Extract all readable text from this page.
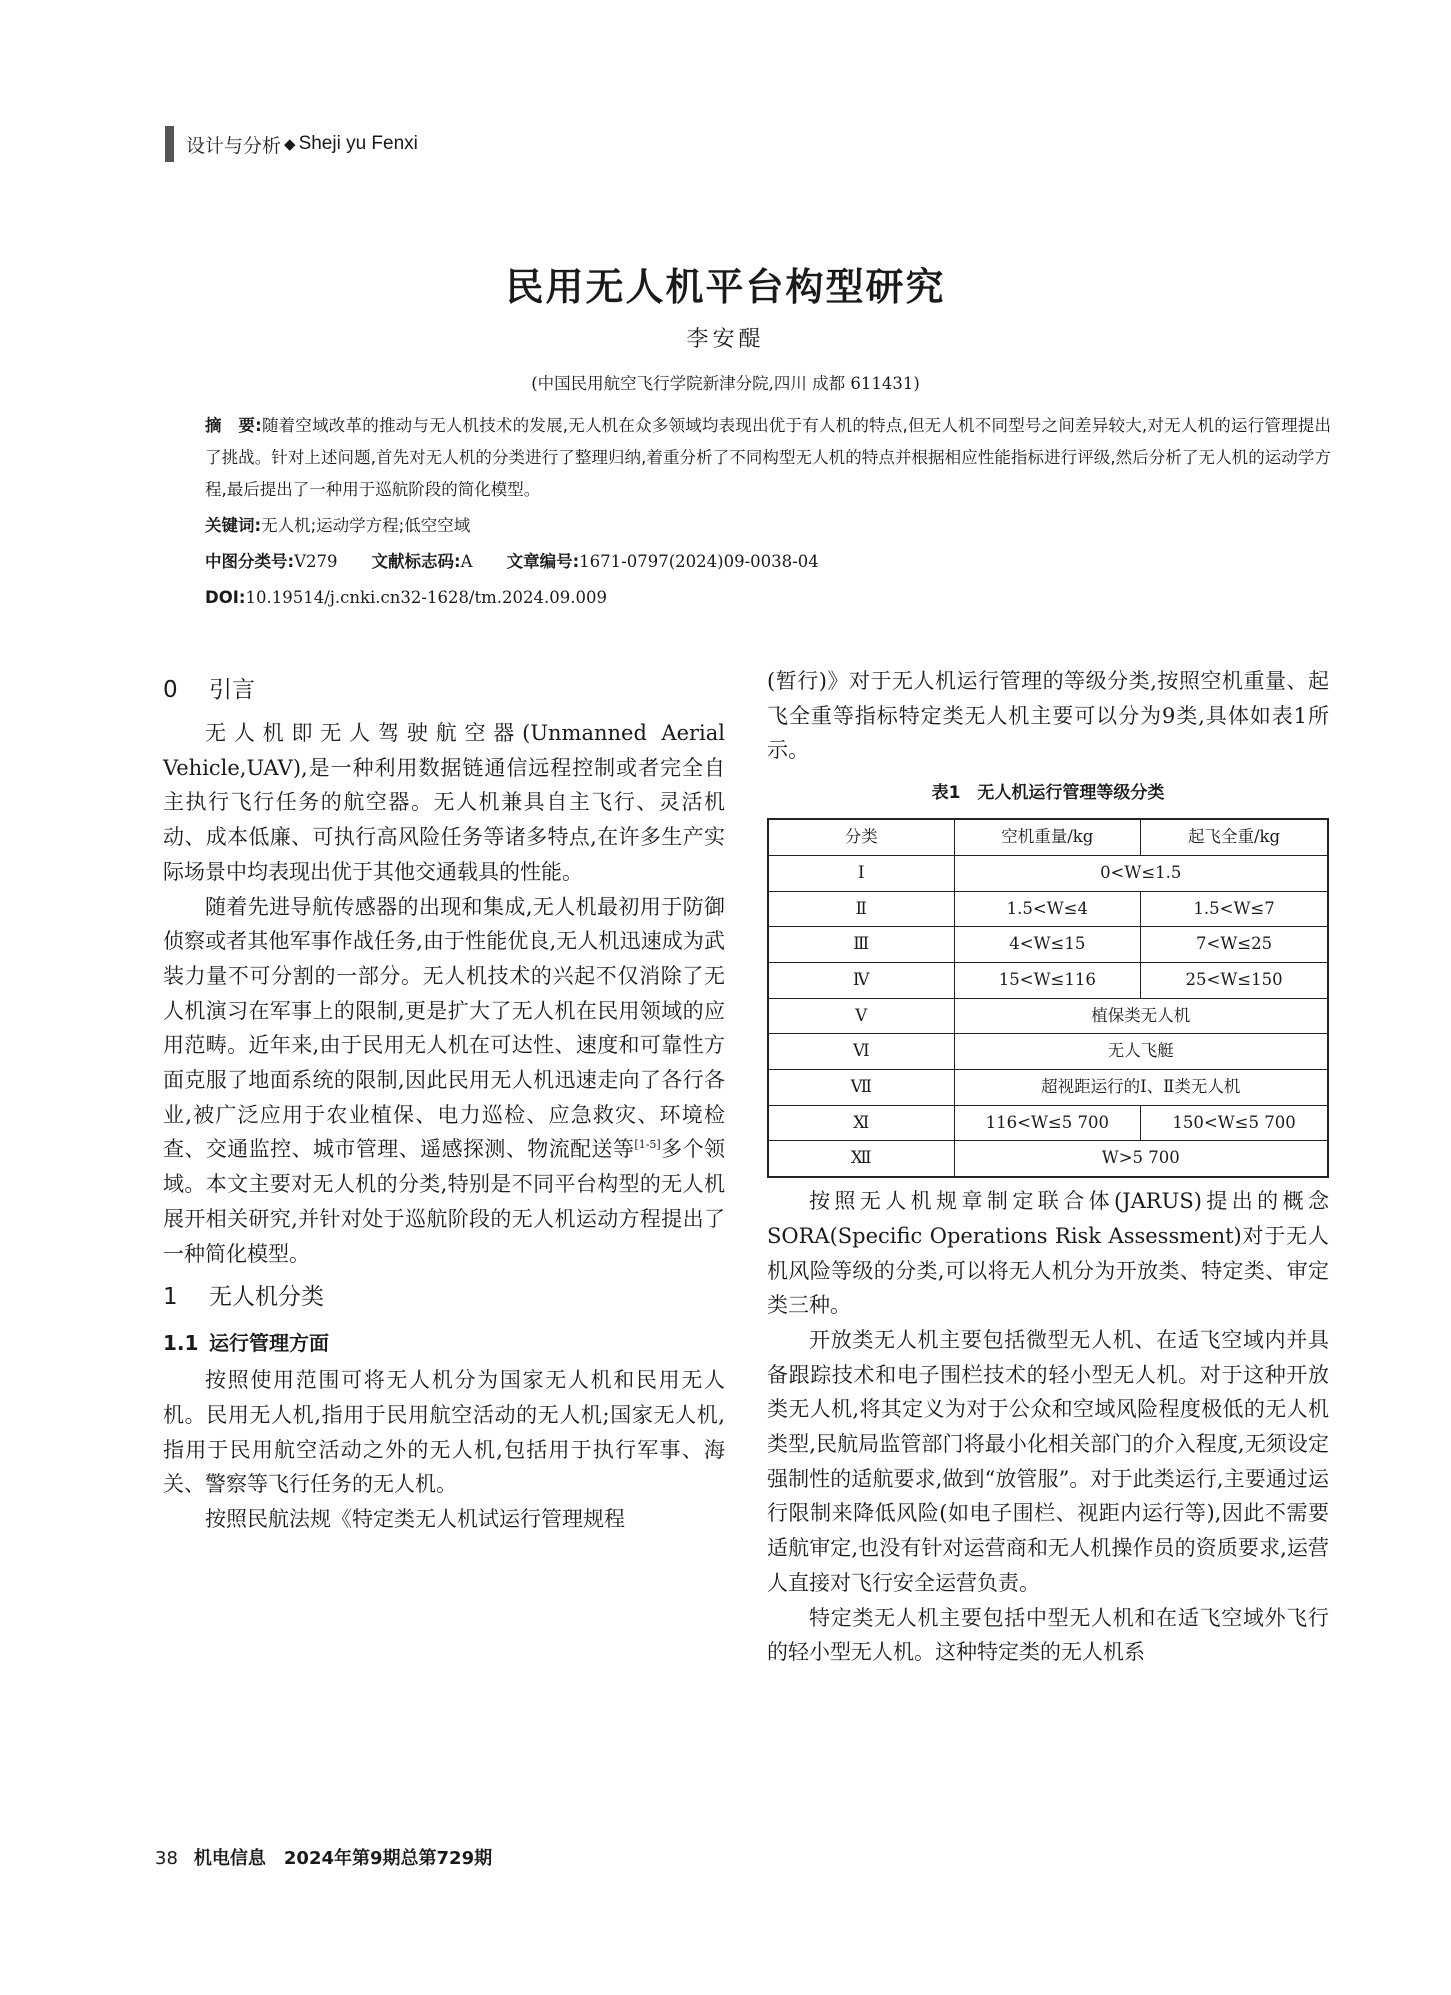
设计与分析 ◆ Sheji yu Fenxi
民用无人机平台构型研究
李安醍
(中国民用航空飞行学院新津分院,四川 成都 611431)
摘　要:随着空域改革的推动与无人机技术的发展,无人机在众多领域均表现出优于有人机的特点,但无人机不同型号之间差异较大,对无人机的运行管理提出了挑战。针对上述问题,首先对无人机的分类进行了整理归纳,着重分析了不同构型无人机的特点并根据相应性能指标进行评级,然后分析了无人机的运动学方程,最后提出了一种用于巡航阶段的简化模型。
关键词:无人机;运动学方程;低空空域
中图分类号:V279 文献标志码:A 文章编号:1671-0797(2024)09-0038-04
DOI:10.19514/j.cnki.cn32-1628/tm.2024.09.009
0 引言

无人机即无人驾驶航空器(Unmanned Aerial Vehicle,UAV),是一种利用数据链通信远程控制或者完全自主执行飞行任务的航空器。无人机兼具自主飞行、灵活机动、成本低廉、可执行高风险任务等诸多特点,在许多生产实际场景中均表现出优于其他交通载具的性能。

随着先进导航传感器的出现和集成,无人机最初用于防御侦察或者其他军事作战任务,由于性能优良,无人机迅速成为武装力量不可分割的一部分。无人机技术的兴起不仅消除了无人机演习在军事上的限制,更是扩大了无人机在民用领域的应用范畴。近年来,由于民用无人机在可达性、速度和可靠性方面克服了地面系统的限制,因此民用无人机迅速走向了各行各业,被广泛应用于农业植保、电力巡检、应急救灾、环境检查、交通监控、城市管理、遥感探测、物流配送等[1-5]多个领域。本文主要对无人机的分类,特别是不同平台构型的无人机展开相关研究,并针对处于巡航阶段的无人机运动方程提出了一种简化模型。

1 无人机分类
1.1 运行管理方面

按照使用范围可将无人机分为国家无人机和民用无人机。民用无人机,指用于民用航空活动的无人机;国家无人机,指用于民用航空活动之外的无人机,包括用于执行军事、海关、警察等飞行任务的无人机。

按照民航法规《特定类无人机试运行管理规程

(暂行)》对于无人机运行管理的等级分类,按照空机重量、起飞全重等指标特定类无人机主要可以分为9类,具体如表1所示。

表1　无人机运行管理等级分类
分类	空机重量/kg	起飞全重/kg
Ⅰ	0<W≤1.5	
Ⅱ	1.5<W≤4	1.5<W≤7
Ⅲ	4<W≤15	7<W≤25
Ⅳ	15<W≤116	25<W≤150
Ⅴ	植保类无人机	
Ⅵ	无人飞艇	
Ⅶ	超视距运行的Ⅰ、Ⅱ类无人机	
Ⅺ	116<W≤5 700	150<W≤5 700
Ⅻ	W>5 700	

按照无人机规章制定联合体(JARUS)提出的概念SORA(Specific Operations Risk Assessment)对于无人机风险等级的分类,可以将无人机分为开放类、特定类、审定类三种。

开放类无人机主要包括微型无人机、在适飞空域内并具备跟踪技术和电子围栏技术的轻小型无人机。对于这种开放类无人机,将其定义为对于公众和空域风险程度极低的无人机类型,民航局监管部门将最小化相关部门的介入程度,无须设定强制性的适航要求,做到“放管服”。对于此类运行,主要通过运行限制来降低风险(如电子围栏、视距内运行等),因此不需要适航审定,也没有针对运营商和无人机操作员的资质要求,运营人直接对飞行安全运营负责。

特定类无人机主要包括中型无人机和在适飞空域外飞行的轻小型无人机。这种特定类的无人机系

38 机电信息　2024年第9期总第729期
